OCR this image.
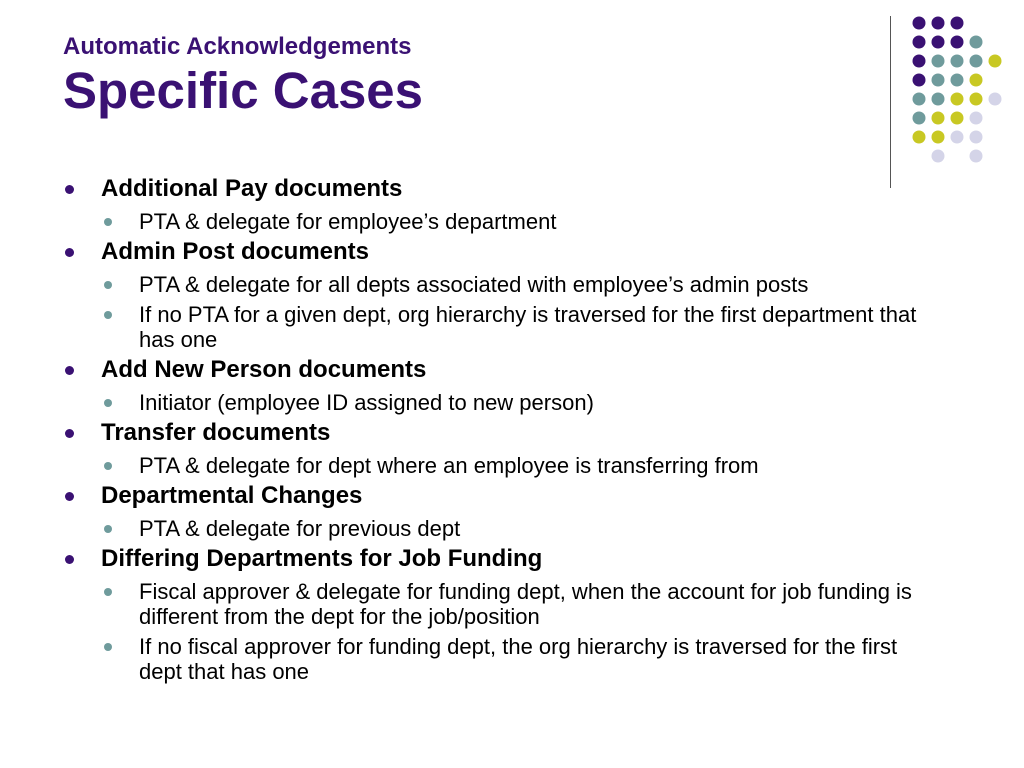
Automatic Acknowledgements
Specific Cases
Additional Pay documents
PTA & delegate for employee’s department
Admin Post documents
PTA & delegate for all depts associated with employee’s admin posts
If no PTA for a given dept, org hierarchy is traversed for the first department that has one
Add New Person documents
Initiator (employee ID assigned to new person)
Transfer documents
PTA & delegate for dept where an employee is transferring from
Departmental Changes
PTA & delegate for previous dept
Differing Departments for Job Funding
Fiscal approver & delegate for funding dept, when the account for job funding is different from the dept for the job/position
If no fiscal approver for funding dept, the org hierarchy is traversed for the first dept that has one
